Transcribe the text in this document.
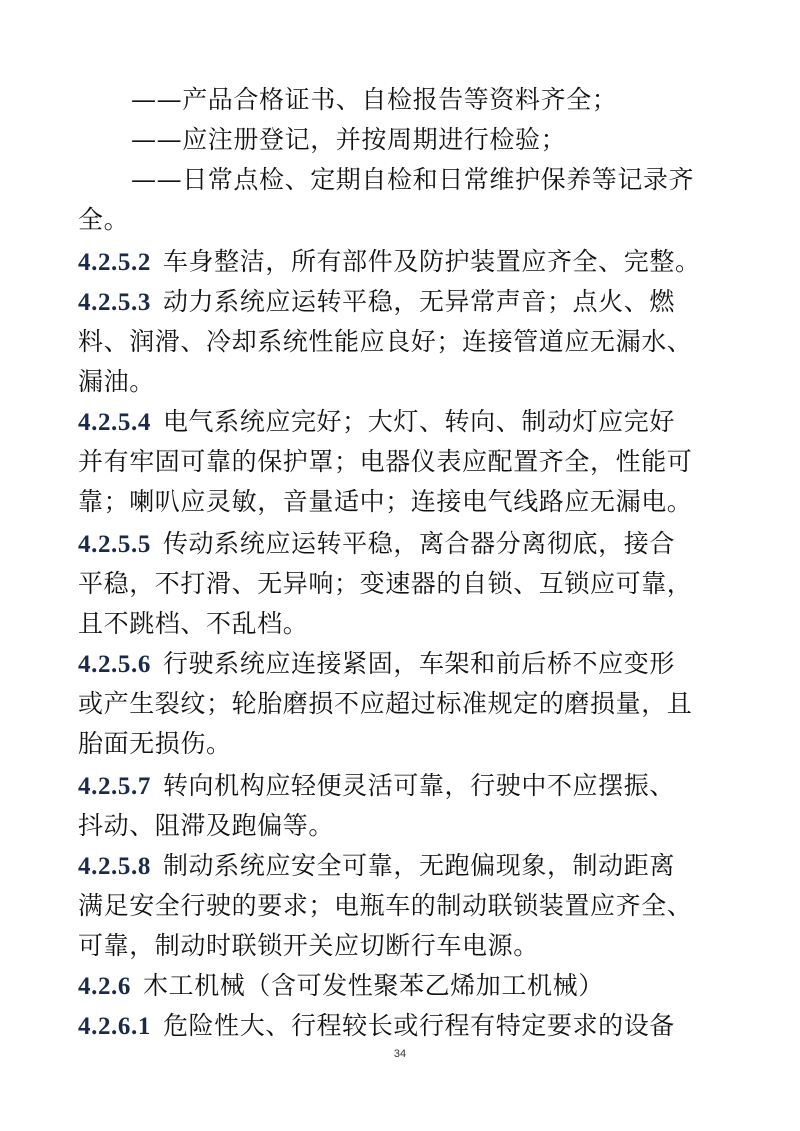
——产品合格证书、自检报告等资料齐全；
——应注册登记，并按周期进行检验；
——日常点检、定期自检和日常维护保养等记录齐
全。
4.2.5.2 车身整洁，所有部件及防护装置应齐全、完整。
4.2.5.3 动力系统应运转平稳，无异常声音；点火、燃
料、润滑、冷却系统性能应良好；连接管道应无漏水、
漏油。
4.2.5.4 电气系统应完好；大灯、转向、制动灯应完好
并有牢固可靠的保护罩；电器仪表应配置齐全，性能可
靠；喇叭应灵敏，音量适中；连接电气线路应无漏电。
4.2.5.5 传动系统应运转平稳，离合器分离彻底，接合
平稳，不打滑、无异响；变速器的自锁、互锁应可靠，
且不跳档、不乱档。
4.2.5.6 行驶系统应连接紧固，车架和前后桥不应变形
或产生裂纹；轮胎磨损不应超过标准规定的磨损量，且
胎面无损伤。
4.2.5.7 转向机构应轻便灵活可靠，行驶中不应摆振、
抖动、阻滞及跑偏等。
4.2.5.8 制动系统应安全可靠，无跑偏现象，制动距离
满足安全行驶的要求；电瓶车的制动联锁装置应齐全、
可靠，制动时联锁开关应切断行车电源。
4.2.6 木工机械（含可发性聚苯乙烯加工机械）
4.2.6.1 危险性大、行程较长或行程有特定要求的设备
34
